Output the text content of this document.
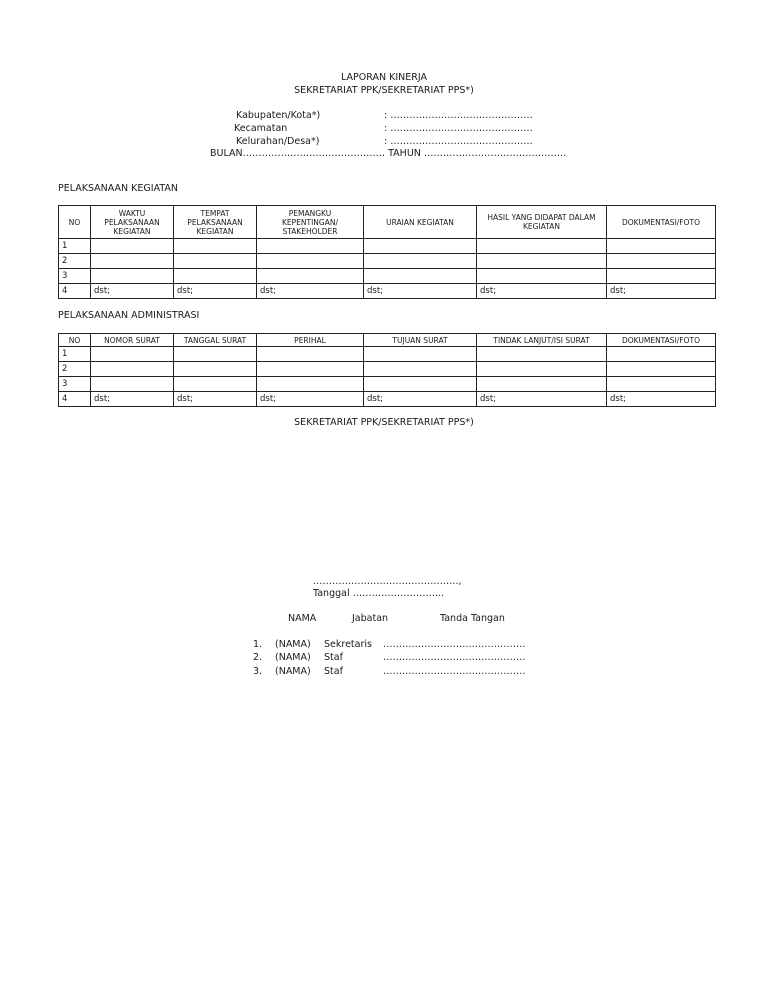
LAPORAN KINERJA
SEKRETARIAT PPK/SEKRETARIAT PPS*)
Kabupaten/Kota*)	: ………………………………………
Kecamatan	: ………………………………………
Kelurahan/Desa*)	: ………………………………………
BULAN……………………………………… TAHUN ………………………………………
PELAKSANAAN KEGIATAN
NO	WAKTU PELAKSANAAN KEGIATAN	TEMPAT PELAKSANAAN KEGIATAN	PEMANGKU KEPENTINGAN/ STAKEHOLDER	URAIAN KEGIATAN	HASIL YANG DIDAPAT DALAM KEGIATAN	DOKUMENTASI/FOTO
1						
2						
3						
4	dst;	dst;	dst;	dst;	dst;	dst;
PELAKSANAAN ADMINISTRASI
NO	NOMOR SURAT	TANGGAL SURAT	PERIHAL	TUJUAN SURAT	TINDAK LANJUT/ISI SURAT	DOKUMENTASI/FOTO
1						
2						
3						
4	dst;	dst;	dst;	dst;	dst;	dst;
SEKRETARIAT PPK/SEKRETARIAT PPS*)
……………………………………….,
Tanggal ………………………..
NAMA	Jabatan	Tanda Tangan
1. (NAMA) Sekretaris ………………………………………
2. (NAMA) Staf	………………………………………
3. (NAMA) Staf	………………………………………
